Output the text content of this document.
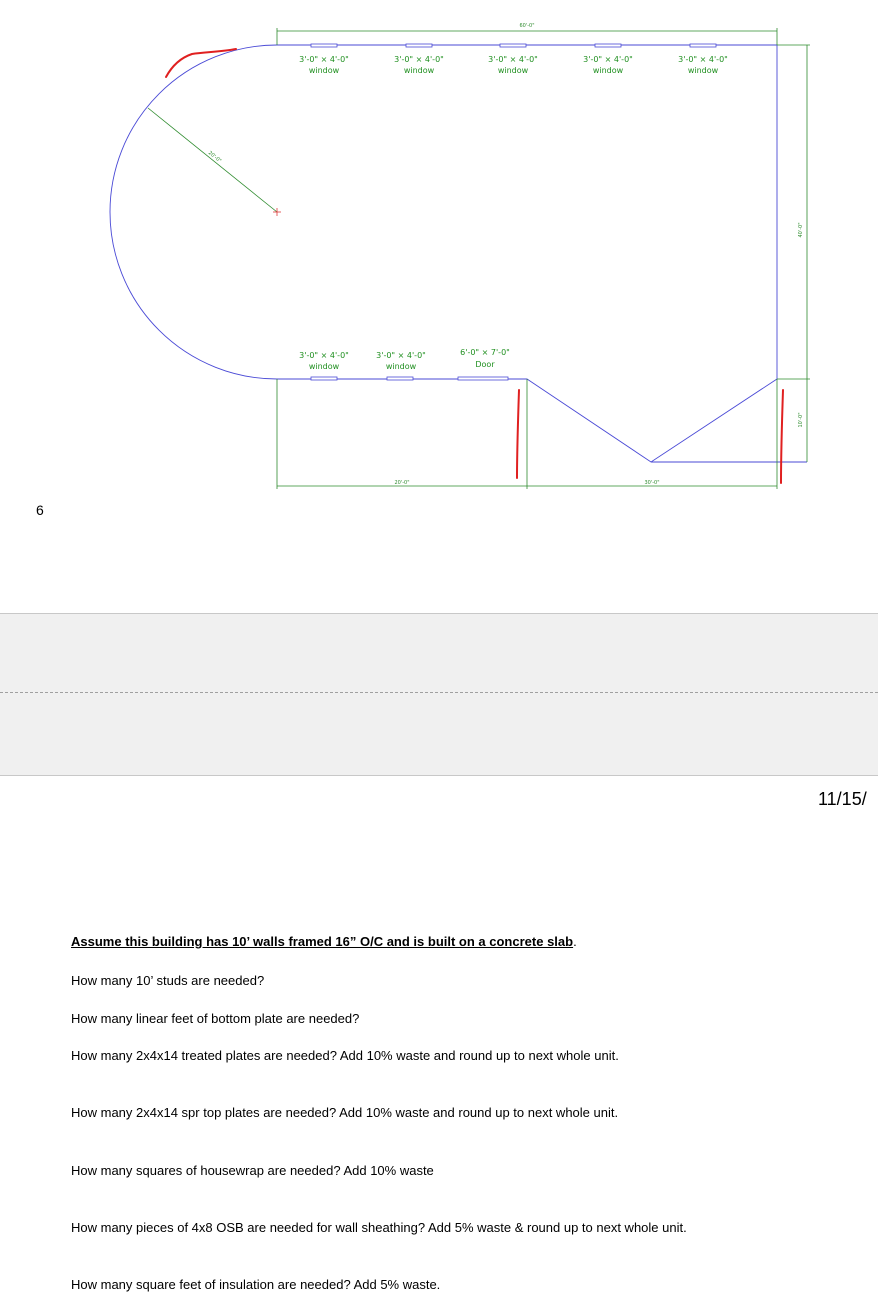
60'-0"
40'-0"
10'-0"
20'-0"
20'-0"	30'-0"
3'-0" × 4'-0"
window
3'-0" × 4'-0"
window
3'-0" × 4'-0"
window
3'-0" × 4'-0"
window
3'-0" × 4'-0"
window
3'-0" × 4'-0"
window
3'-0" × 4'-0"
window
6'-0" × 7'-0"
Door
6
11/15/
Assume this building has 10’ walls framed 16” O/C and is built on a concrete slab.
How many 10’ studs are needed?
How many linear feet of bottom plate are needed?
How many 2x4x14 treated plates are needed? Add 10% waste and round up to next whole unit.
How many 2x4x14 spr top plates are needed? Add 10% waste and round up to next whole unit.
How many squares of housewrap are needed? Add 10% waste
How many pieces of 4x8 OSB are needed for wall sheathing? Add 5% waste & round up to next whole unit.
How many square feet of insulation are needed? Add 5% waste.
